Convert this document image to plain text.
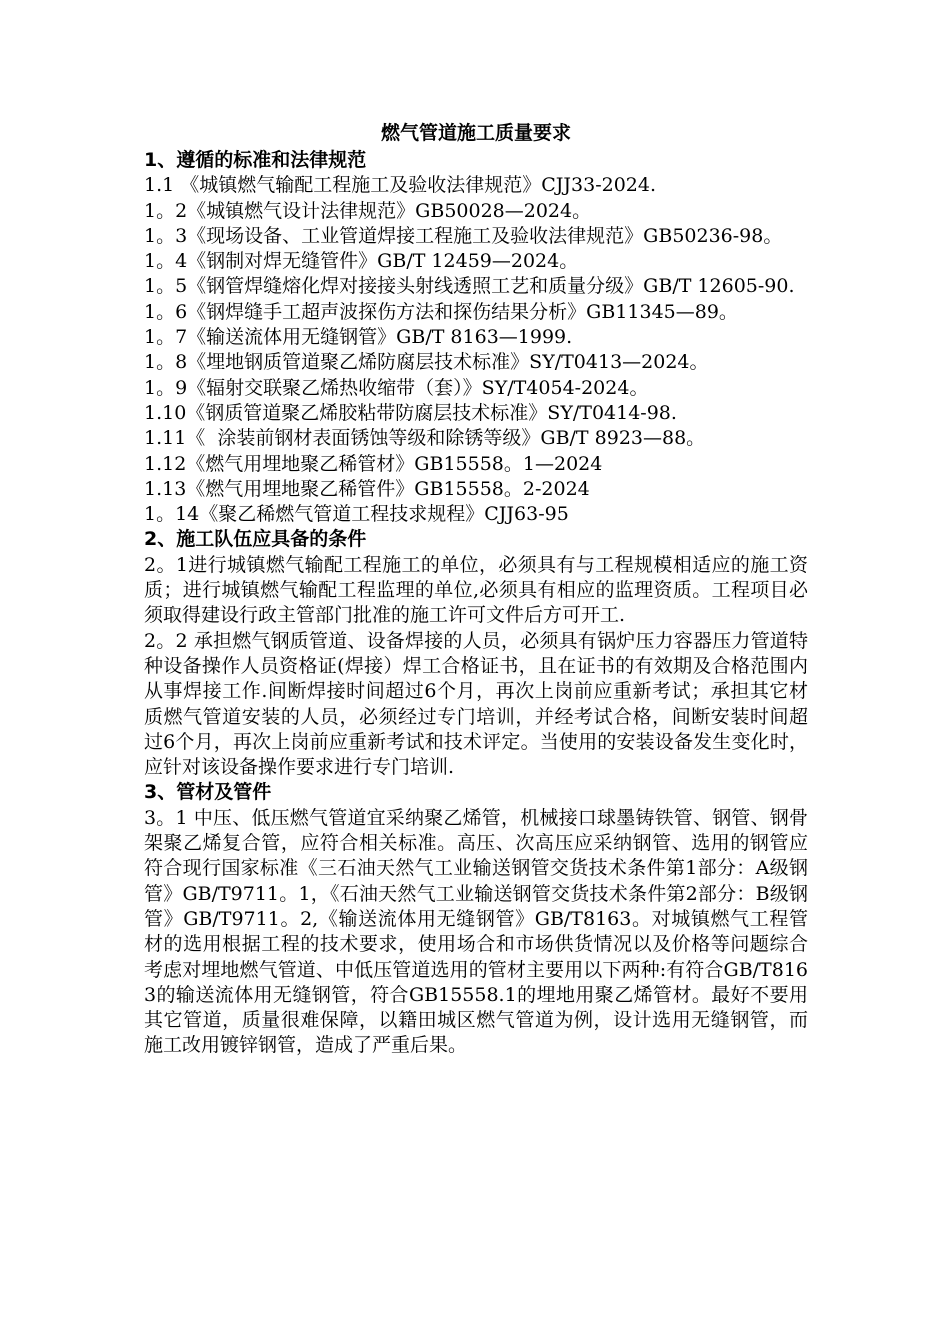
燃气管道施工质量要求
1、遵循的标准和法律规范

1.1 《城镇燃气输配工程施工及验收法律规范》CJJ33-2024.

1。2《城镇燃气设计法律规范》GB50028—2024。

1。3《现场设备、工业管道焊接工程施工及验收法律规范》GB50236-98。

1。4《钢制对焊无缝管件》GB/T 12459—2024。

1。5《钢管焊缝熔化焊对接接头射线透照工艺和质量分级》GB/T 12605-90.

1。6《钢焊缝手工超声波探伤方法和探伤结果分析》GB11345—89。

1。7《输送流体用无缝钢管》GB/T 8163—1999.

1。8《埋地钢质管道聚乙烯防腐层技术标准》SY/T0413—2024。

1。9《辐射交联聚乙烯热收缩带（套）》SY/T4054-2024。

1.10《钢质管道聚乙烯胶粘带防腐层技术标准》SY/T0414-98.

1.11《  涂装前钢材表面锈蚀等级和除锈等级》GB/T 8923—88。

1.12《燃气用埋地聚乙稀管材》GB15558。1—2024

1.13《燃气用埋地聚乙稀管件》GB15558。2-2024

1。14《聚乙稀燃气管道工程技求规程》CJJ63-95

2、施工队伍应具备的条件

2。1进行城镇燃气输配工程施工的单位，必须具有与工程规模相适应的施工资质；进行城镇燃气输配工程监理的单位,必须具有相应的监理资质。工程项目必须取得建设行政主管部门批准的施工许可文件后方可开工.

2。2 承担燃气钢质管道、设备焊接的人员，必须具有锅炉压力容器压力管道特种设备操作人员资格证(焊接）焊工合格证书，且在证书的有效期及合格范围内从事焊接工作.间断焊接时间超过6个月，再次上岗前应重新考试；承担其它材质燃气管道安装的人员，必须经过专门培训，并经考试合格，间断安装时间超过6个月，再次上岗前应重新考试和技术评定。当使用的安装设备发生变化时，应针对该设备操作要求进行专门培训.

3、管材及管件

3。1 中压、低压燃气管道宜采纳聚乙烯管，机械接口球墨铸铁管、钢管、钢骨架聚乙烯复合管，应符合相关标准。高压、次高压应采纳钢管、选用的钢管应符合现行国家标准《三石油天然气工业输送钢管交货技术条件第1部分：A级钢管》GB/T9711。1，《石油天然气工业输送钢管交货技术条件第2部分：B级钢管》GB/T9711。2,《输送流体用无缝钢管》GB/T8163。对城镇燃气工程管材的选用根据工程的技术要求，使用场合和市场供货情况以及价格等问题综合考虑对埋地燃气管道、中低压管道选用的管材主要用以下两种:有符合GB/T8163的输送流体用无缝钢管，符合GB15558.1的埋地用聚乙烯管材。最好不要用其它管道，质量很难保障，以籍田城区燃气管道为例，设计选用无缝钢管，而施工改用镀锌钢管，造成了严重后果。
